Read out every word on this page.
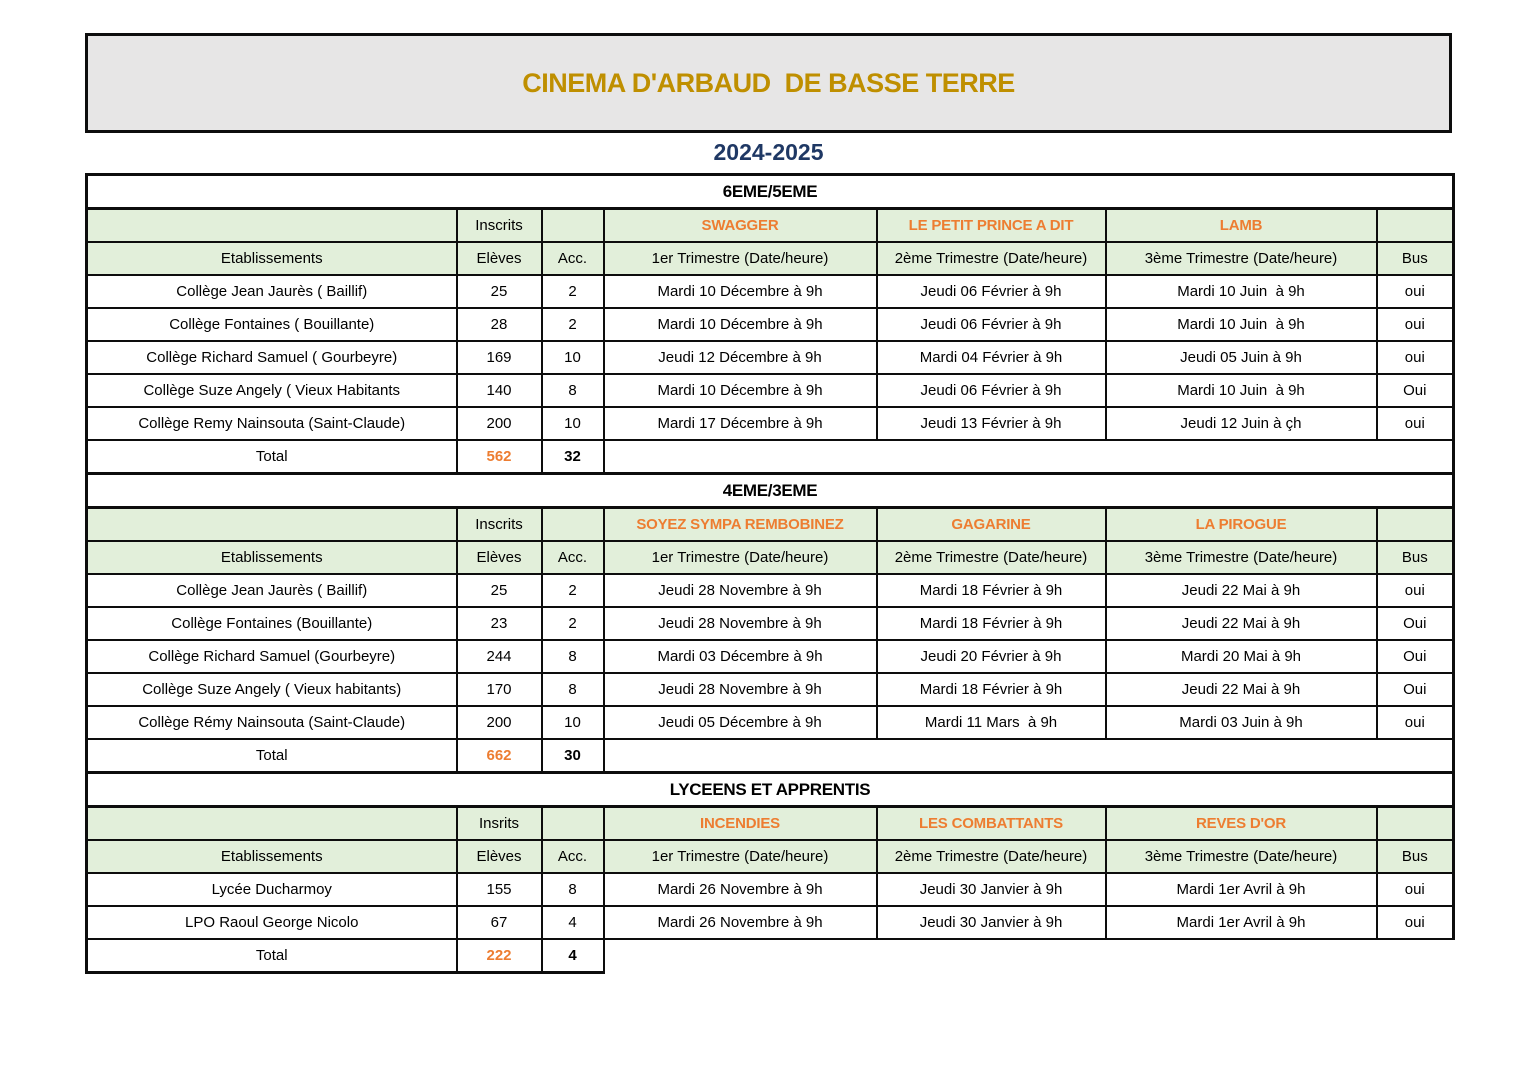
CINEMA D'ARBAUD  DE BASSE TERRE
2024-2025
6EME/5EME						
	Inscrits		SWAGGER	LE PETIT PRINCE A DIT	LAMB	
Etablissements	Elèves	Acc.	1er Trimestre (Date/heure)	2ème Trimestre (Date/heure)	3ème Trimestre (Date/heure)	Bus
Collège Jean Jaurès ( Baillif)	25	2	Mardi 10 Décembre à 9h	Jeudi 06 Février à 9h	Mardi 10 Juin  à 9h	oui
Collège Fontaines ( Bouillante)	28	2	Mardi 10 Décembre à 9h	Jeudi 06 Février à 9h	Mardi 10 Juin  à 9h	oui
Collège Richard Samuel ( Gourbeyre)	169	10	Jeudi 12 Décembre à 9h	Mardi 04 Février à 9h	Jeudi 05 Juin à 9h	oui
Collège Suze Angely ( Vieux Habitants	140	8	Mardi 10 Décembre à 9h	Jeudi 06 Février à 9h	Mardi 10 Juin  à 9h	Oui
Collège Remy Nainsouta (Saint-Claude)	200	10	Mardi 17 Décembre à 9h	Jeudi 13 Février à 9h	Jeudi 12 Juin à çh	oui
Total	562	32				
4EME/3EME						
	Inscrits		SOYEZ SYMPA REMBOBINEZ	GAGARINE	LA PIROGUE	
Etablissements	Elèves	Acc.	1er Trimestre (Date/heure)	2ème Trimestre (Date/heure)	3ème Trimestre (Date/heure)	Bus
Collège Jean Jaurès ( Baillif)	25	2	Jeudi 28 Novembre à 9h	Mardi 18 Février à 9h	Jeudi 22 Mai à 9h	oui
Collège Fontaines (Bouillante)	23	2	Jeudi 28 Novembre à 9h	Mardi 18 Février à 9h	Jeudi 22 Mai à 9h	Oui
Collège Richard Samuel (Gourbeyre)	244	8	Mardi 03 Décembre à 9h	Jeudi 20 Février à 9h	Mardi 20 Mai à 9h	Oui
Collège Suze Angely ( Vieux habitants)	170	8	Jeudi 28 Novembre à 9h	Mardi 18 Février à 9h	Jeudi 22 Mai à 9h	Oui
Collège Rémy Nainsouta (Saint-Claude)	200	10	Jeudi 05 Décembre à 9h	Mardi 11 Mars  à 9h	Mardi 03 Juin à 9h	oui
Total	662	30				
LYCEENS ET APPRENTIS						
	Insrits		INCENDIES	LES COMBATTANTS	REVES D'OR	
Etablissements	Elèves	Acc.	1er Trimestre (Date/heure)	2ème Trimestre (Date/heure)	3ème Trimestre (Date/heure)	Bus
Lycée Ducharmoy	155	8	Mardi 26 Novembre à 9h	Jeudi 30 Janvier à 9h	Mardi 1er Avril à 9h	oui
LPO Raoul George Nicolo	67	4	Mardi 26 Novembre à 9h	Jeudi 30 Janvier à 9h	Mardi 1er Avril à 9h	oui
Total	222	4				
